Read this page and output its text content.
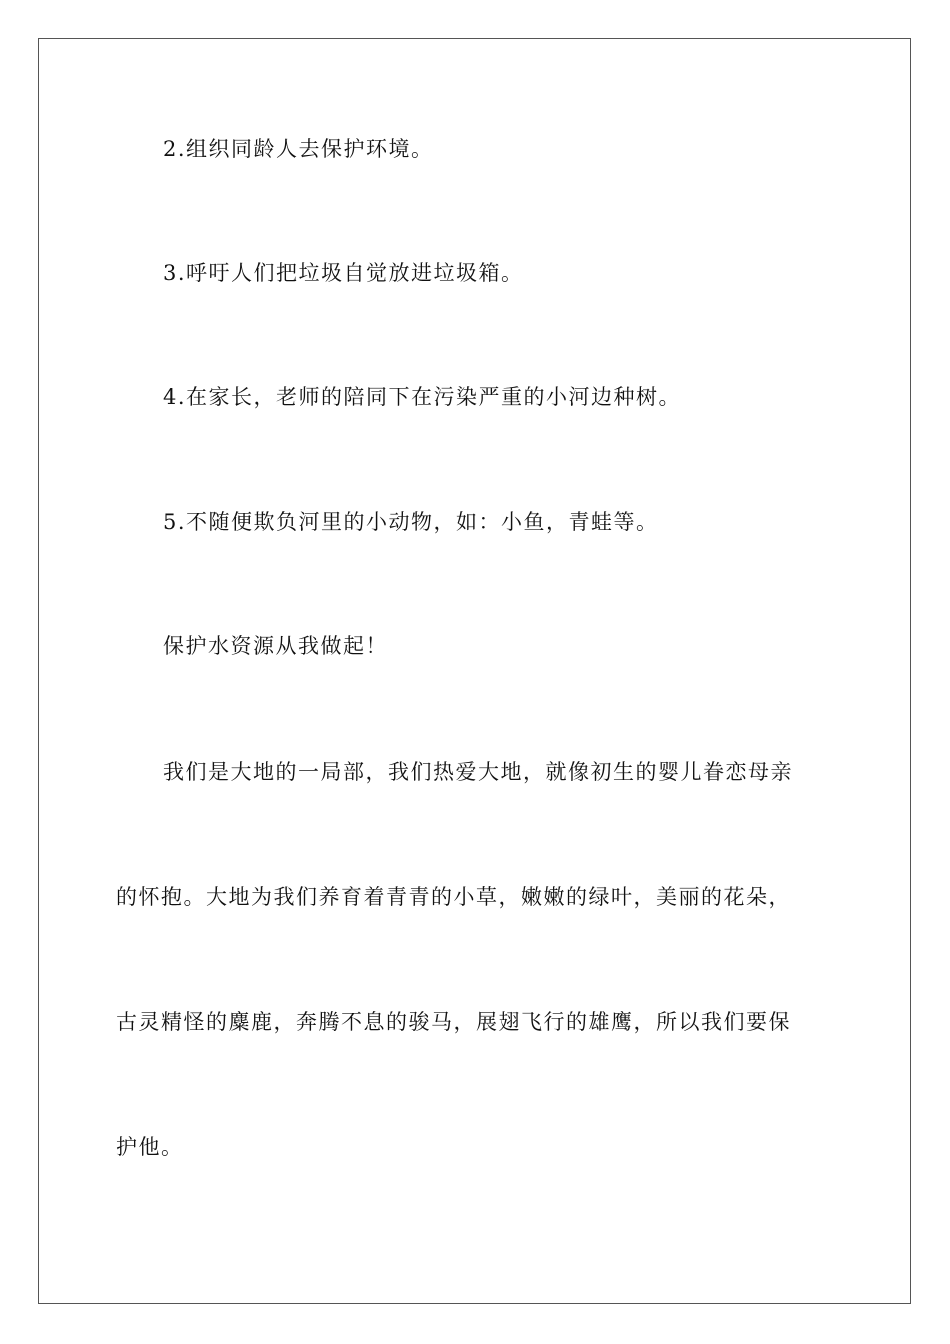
2.组织同龄人去保护环境。
3.呼吁人们把垃圾自觉放进垃圾箱。
4.在家长，老师的陪同下在污染严重的小河边种树。
5.不随便欺负河里的小动物，如：小鱼，青蛙等。
保护水资源从我做起！
我们是大地的一局部，我们热爱大地，就像初生的婴儿眷恋母亲
的怀抱。大地为我们养育着青青的小草，嫩嫩的绿叶，美丽的花朵，
古灵精怪的麋鹿，奔腾不息的骏马，展翅飞行的雄鹰，所以我们要保
护他。
